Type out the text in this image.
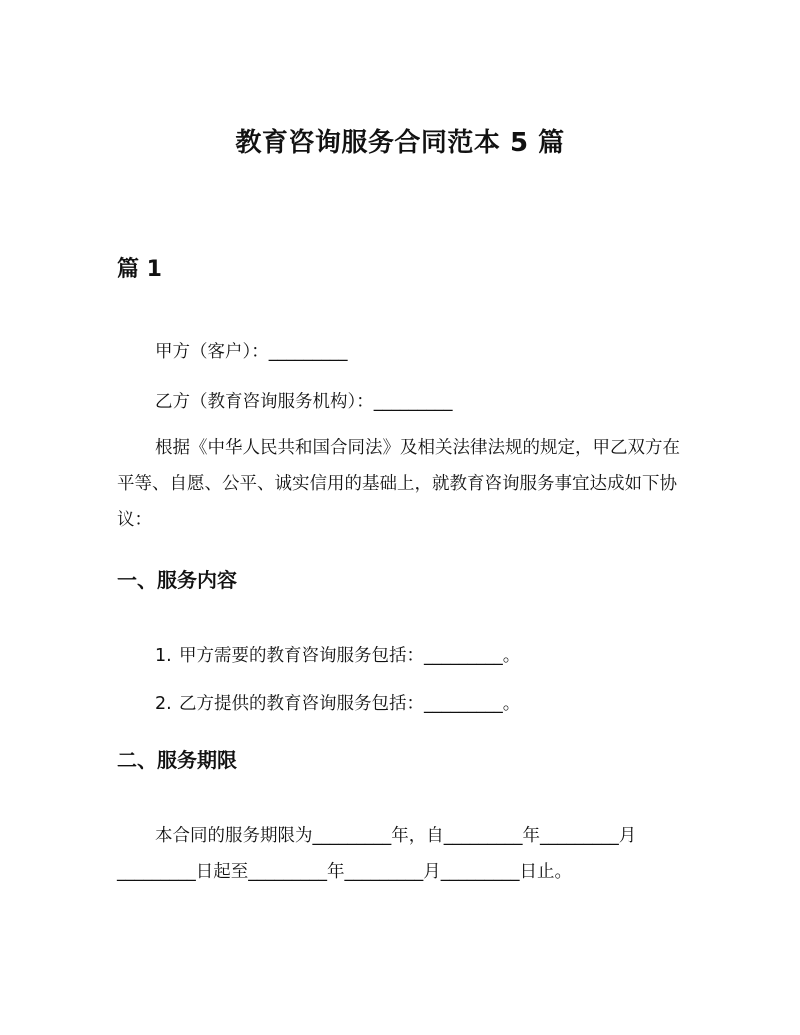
教育咨询服务合同范本 5 篇
篇 1

甲方（客户）：_________

乙方（教育咨询服务机构）：_________

根据《中华人民共和国合同法》及相关法律法规的规定，甲乙双方在平等、自愿、公平、诚实信用的基础上，就教育咨询服务事宜达成如下协议：

一、服务内容

1. 甲方需要的教育咨询服务包括：_________。

2. 乙方提供的教育咨询服务包括：_________。

二、服务期限

本合同的服务期限为_________年，自_________年_________月

_________日起至_________年_________月_________日止。
